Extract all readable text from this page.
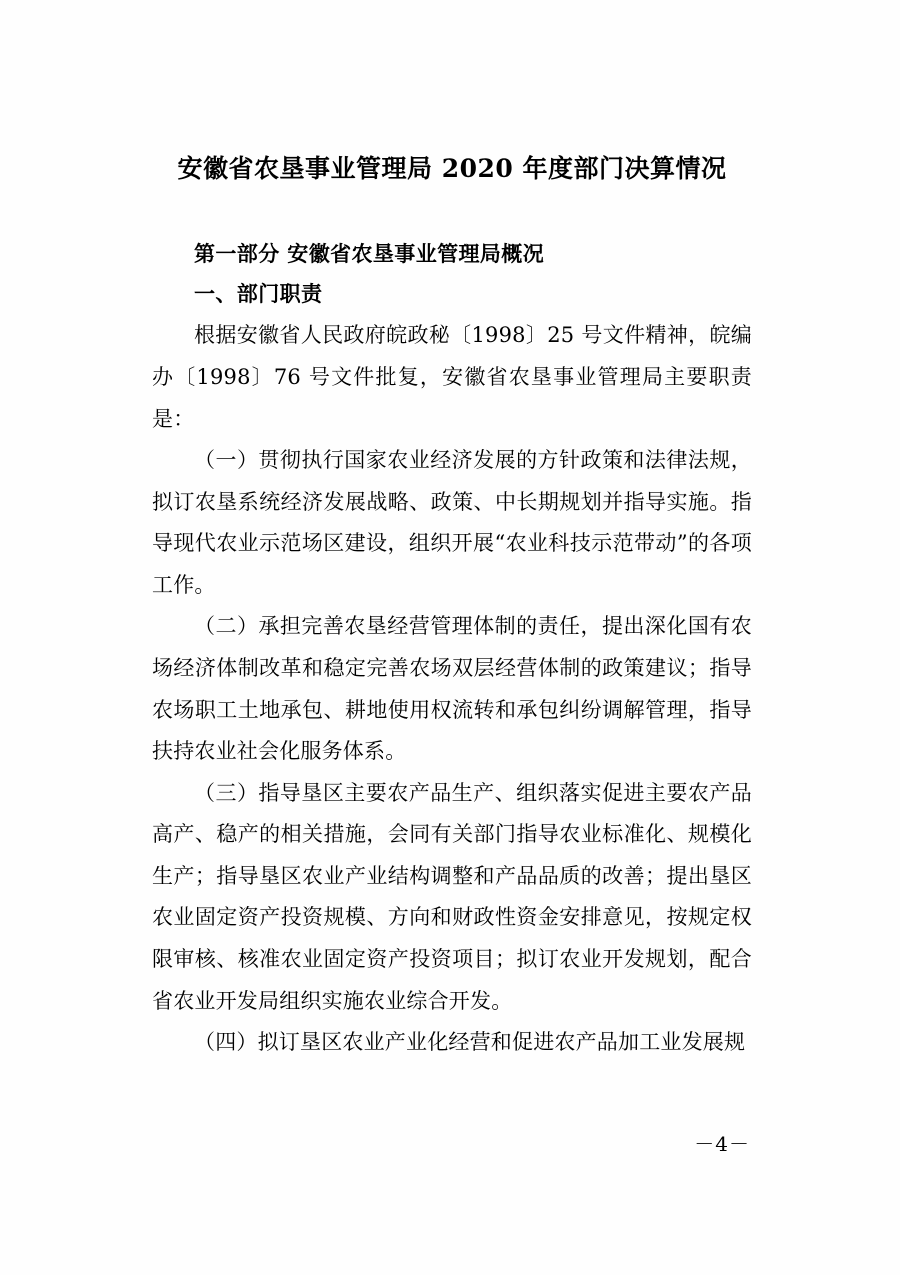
安徽省农垦事业管理局 2020 年度部门决算情况

第一部分 安徽省农垦事业管理局概况

一、部门职责

根据安徽省人民政府皖政秘〔1998〕25 号文件精神，皖编办〔1998〕76 号文件批复，安徽省农垦事业管理局主要职责是：

（一）贯彻执行国家农业经济发展的方针政策和法律法规，拟订农垦系统经济发展战略、政策、中长期规划并指导实施。指导现代农业示范场区建设，组织开展“农业科技示范带动”的各项工作。

（二）承担完善农垦经营管理体制的责任，提出深化国有农场经济体制改革和稳定完善农场双层经营体制的政策建议；指导农场职工土地承包、耕地使用权流转和承包纠纷调解管理，指导扶持农业社会化服务体系。

（三）指导垦区主要农产品生产、组织落实促进主要农产品高产、稳产的相关措施，会同有关部门指导农业标准化、规模化生产；指导垦区农业产业结构调整和产品品质的改善；提出垦区农业固定资产投资规模、方向和财政性资金安排意见，按规定权限审核、核准农业固定资产投资项目；拟订农业开发规划，配合省农业开发局组织实施农业综合开发。

（四）拟订垦区农业产业化经营和促进农产品加工业发展规

－4－
